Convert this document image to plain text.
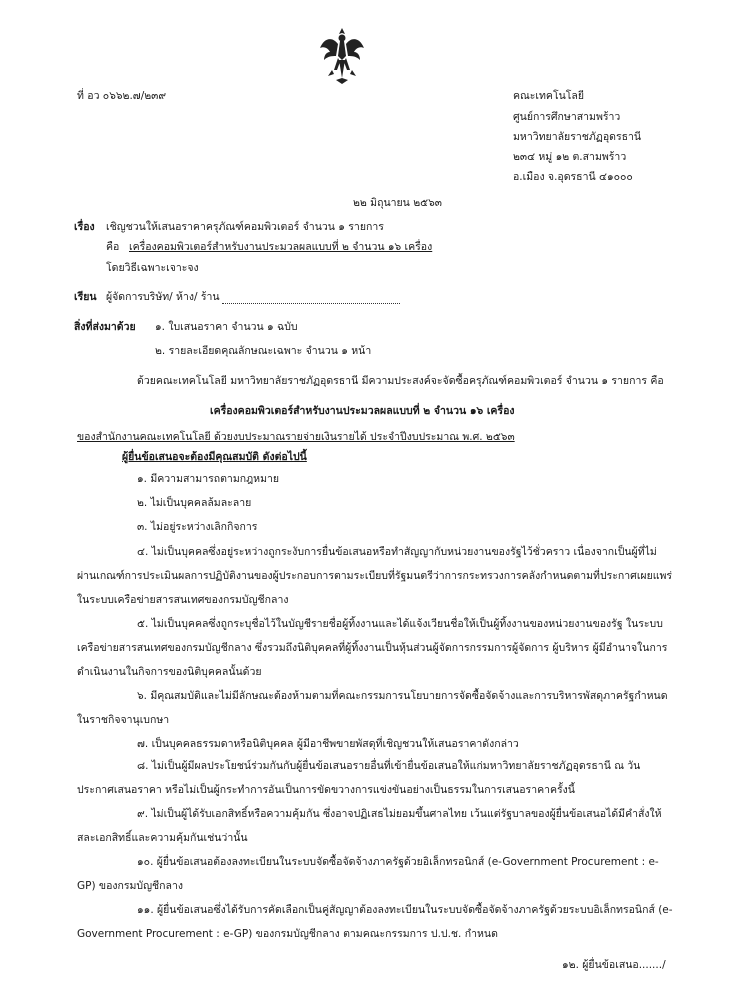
ที่ อว ๐๖๖๒.๗/๒๓๙	คณะเทคโนโลยี
ศูนย์การศึกษาสามพร้าว
มหาวิทยาลัยราชภัฏอุดรธานี
๒๓๔ หมู่ ๑๒ ต.สามพร้าว
อ.เมือง จ.อุดรธานี ๔๑๐๐๐
๒๒ มิถุนายน ๒๕๖๓
เรื่อง เชิญชวนให้เสนอราคาครุภัณฑ์คอมพิวเตอร์ จำนวน ๑ รายการ
คือ เครื่องคอมพิวเตอร์สำหรับงานประมวลผลแบบที่ ๒ จำนวน ๑๖ เครื่อง
โดยวิธีเฉพาะเจาะจง
เรียน ผู้จัดการบริษัท/ ห้าง/ ร้าน
สิ่งที่ส่งมาด้วย ๑. ใบเสนอราคา จำนวน ๑ ฉบับ
๒. รายละเอียดคุณลักษณะเฉพาะ จำนวน ๑ หน้า
ด้วยคณะเทคโนโลยี มหาวิทยาลัยราชภัฏอุดรธานี มีความประสงค์จะจัดซื้อครุภัณฑ์คอมพิวเตอร์ จำนวน ๑ รายการ คือ
เครื่องคอมพิวเตอร์สำหรับงานประมวลผลแบบที่ ๒ จำนวน ๑๖ เครื่อง
ของสำนักงานคณะเทคโนโลยี ด้วยงบประมาณรายจ่ายเงินรายได้ ประจำปีงบประมาณ พ.ศ. ๒๕๖๓
ผู้ยื่นข้อเสนอจะต้องมีคุณสมบัติ ดังต่อไปนี้
๑. มีความสามารถตามกฎหมาย
๒. ไม่เป็นบุคคลล้มละลาย
๓. ไม่อยู่ระหว่างเลิกกิจการ
๔. ไม่เป็นบุคคลซึ่งอยู่ระหว่างถูกระงับการยื่นข้อเสนอหรือทำสัญญากับหน่วยงานของรัฐไว้ชั่วคราว เนื่องจากเป็นผู้ที่ไม่ผ่านเกณฑ์การประเมินผลการปฏิบัติงานของผู้ประกอบการตามระเบียบที่รัฐมนตรีว่าการกระทรวงการคลังกำหนดตามที่ประกาศเผยแพร่ในระบบเครือข่ายสารสนเทศของกรมบัญชีกลาง
๕. ไม่เป็นบุคคลซึ่งถูกระบุชื่อไว้ในบัญชีรายชื่อผู้ทิ้งงานและได้แจ้งเวียนชื่อให้เป็นผู้ทิ้งงานของหน่วยงานของรัฐ ในระบบเครือข่ายสารสนเทศของกรมบัญชีกลาง ซึ่งรวมถึงนิติบุคคลที่ผู้ทิ้งงานเป็นหุ้นส่วนผู้จัดการกรรมการผู้จัดการ ผู้บริหาร ผู้มีอำนาจในการดำเนินงานในกิจการของนิติบุคคลนั้นด้วย
๖. มีคุณสมบัติและไม่มีลักษณะต้องห้ามตามที่คณะกรรมการนโยบายการจัดซื้อจัดจ้างและการบริหารพัสดุภาครัฐกำหนดในราชกิจจานุเบกษา
๗. เป็นบุคคลธรรมดาหรือนิติบุคคล ผู้มีอาชีพขายพัสดุที่เชิญชวนให้เสนอราคาดังกล่าว
๘. ไม่เป็นผู้มีผลประโยชน์ร่วมกันกับผู้ยื่นข้อเสนอรายอื่นที่เข้ายื่นข้อเสนอให้แก่มหาวิทยาลัยราชภัฏอุดรธานี ณ วันประกาศเสนอราคา หรือไม่เป็นผู้กระทำการอันเป็นการขัดขวางการแข่งขันอย่างเป็นธรรมในการเสนอราคาครั้งนี้
๙. ไม่เป็นผู้ได้รับเอกสิทธิ์หรือความคุ้มกัน ซึ่งอาจปฏิเสธไม่ยอมขึ้นศาลไทย เว้นแต่รัฐบาลของผู้ยื่นข้อเสนอได้มีคำสั่งให้สละเอกสิทธิ์และความคุ้มกันเช่นว่านั้น
๑๐. ผู้ยื่นข้อเสนอต้องลงทะเบียนในระบบจัดซื้อจัดจ้างภาครัฐด้วยอิเล็กทรอนิกส์ (e-Government Procurement : e-GP) ของกรมบัญชีกลาง
๑๑. ผู้ยื่นข้อเสนอซึ่งได้รับการคัดเลือกเป็นคู่สัญญาต้องลงทะเบียนในระบบจัดซื้อจัดจ้างภาครัฐด้วยระบบอิเล็กทรอนิกส์ (e-Government Procurement : e-GP) ของกรมบัญชีกลาง ตามคณะกรรมการ ป.ป.ช. กำหนด
๑๒. ผู้ยื่นข้อเสนอ......./
